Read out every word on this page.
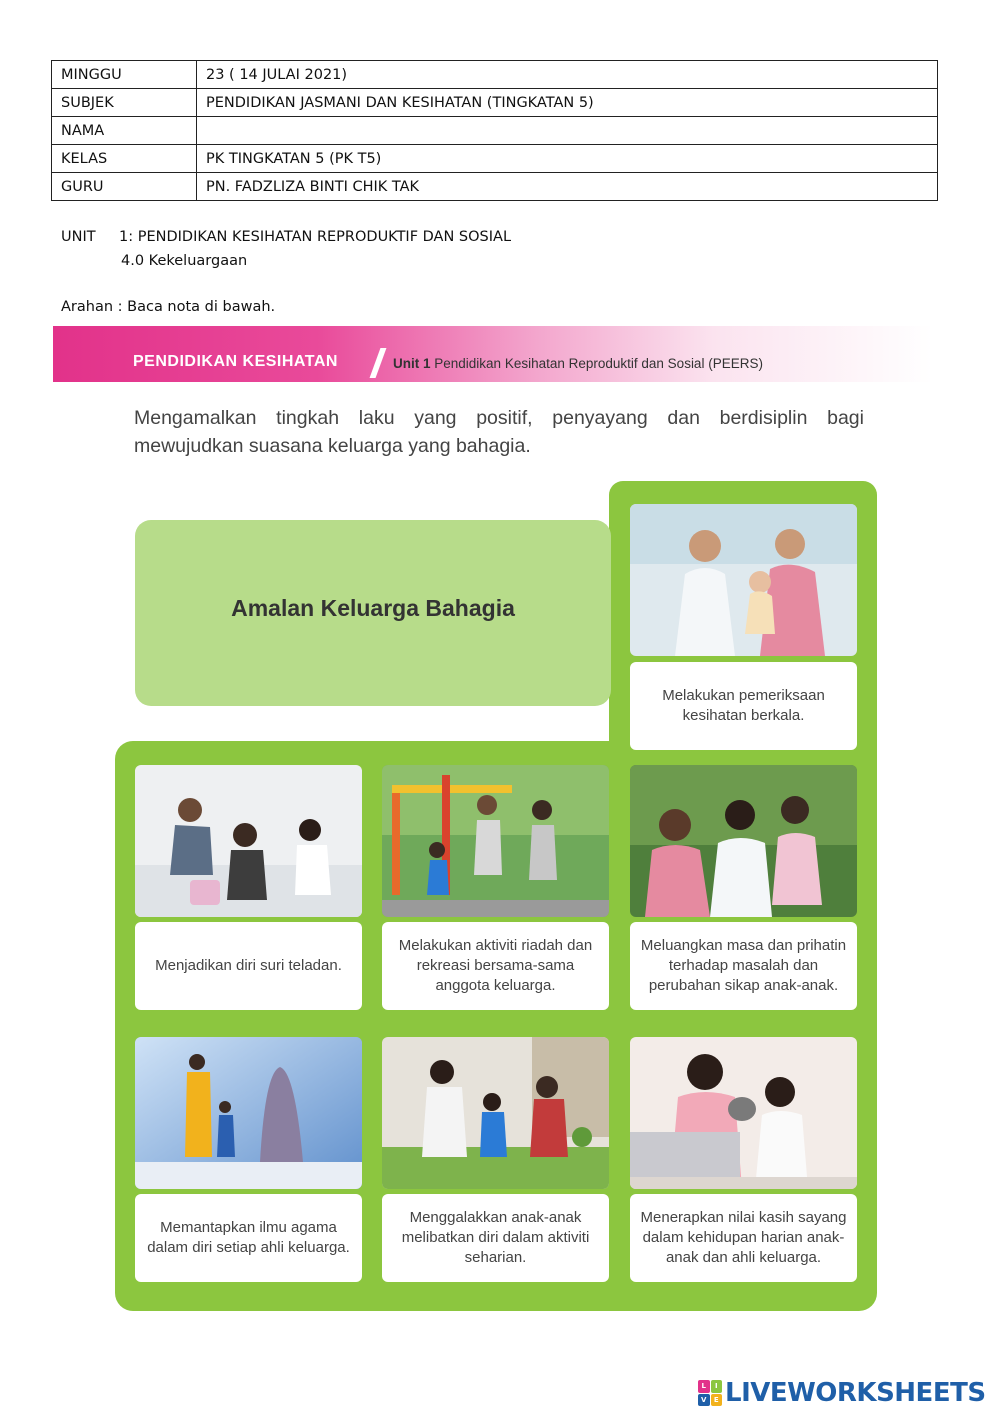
MINGGU	23 ( 14 JULAI 2021)
SUBJEK	PENDIDIKAN JASMANI DAN KESIHATAN (TINGKATAN 5)
NAMA	
KELAS	PK TINGKATAN 5 (PK T5)
GURU	PN. FADZLIZA BINTI CHIK TAK
UNIT 1: PENDIDIKAN KESIHATAN REPRODUKTIF DAN SOSIAL
4.0 Kekeluargaan
Arahan : Baca nota di bawah.
PENDIDIKAN KESIHATAN	Unit 1 Pendidikan Kesihatan Reproduktif dan Sosial (PEERS)
Mengamalkan tingkah laku yang positif, penyayang dan berdisiplin bagi mewujudkan suasana keluarga yang bahagia.
Amalan Keluarga Bahagia
Melakukan pemeriksaan kesihatan berkala.
Menjadikan diri suri teladan.
Melakukan aktiviti riadah dan rekreasi bersama-sama anggota keluarga.
Meluangkan masa dan prihatin terhadap masalah dan perubahan sikap anak-anak.
Memantapkan ilmu agama dalam diri setiap ahli keluarga.
Menggalakkan anak-anak melibatkan diri dalam aktiviti seharian.
Menerapkan nilai kasih sayang dalam kehidupan harian anak-anak dan ahli keluarga.
L	I
V	E LIVEWORKSHEETS
